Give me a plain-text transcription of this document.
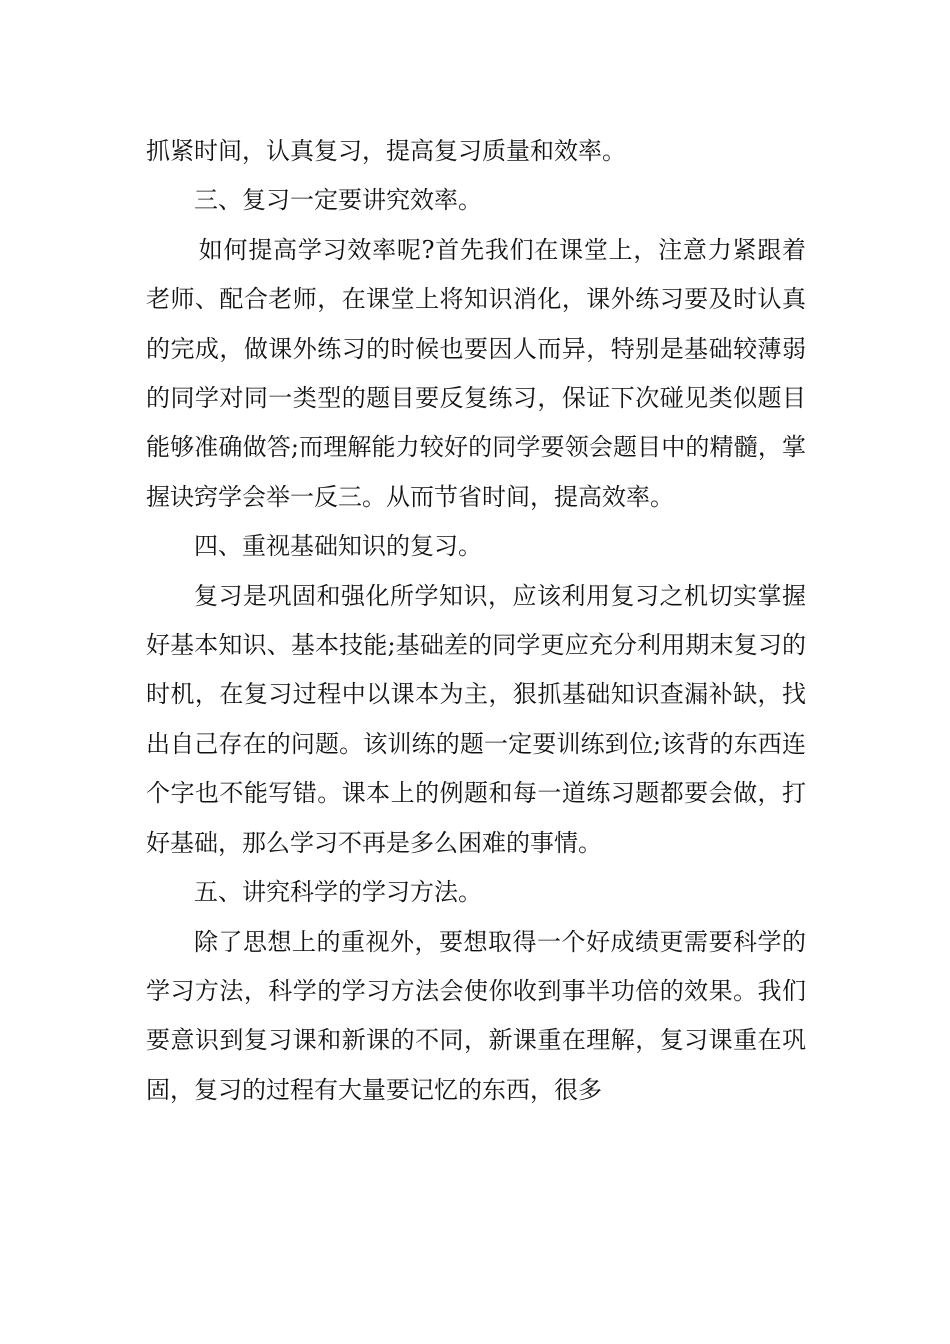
抓紧时间，认真复习，提高复习质量和效率。

三、复习一定要讲究效率。

如何提高学习效率呢?首先我们在课堂上，注意力紧跟着老师、配合老师，在课堂上将知识消化，课外练习要及时认真的完成，做课外练习的时候也要因人而异，特别是基础较薄弱的同学对同一类型的题目要反复练习，保证下次碰见类似题目能够准确做答;而理解能力较好的同学要领会题目中的精髓，掌握诀窍学会举一反三。从而节省时间，提高效率。

四、重视基础知识的复习。

复习是巩固和强化所学知识，应该利用复习之机切实掌握好基本知识、基本技能;基础差的同学更应充分利用期末复习的时机，在复习过程中以课本为主，狠抓基础知识查漏补缺，找出自己存在的问题。该训练的题一定要训练到位;该背的东西连个字也不能写错。课本上的例题和每一道练习题都要会做，打好基础，那么学习不再是多么困难的事情。

五、讲究科学的学习方法。

除了思想上的重视外，要想取得一个好成绩更需要科学的学习方法，科学的学习方法会使你收到事半功倍的效果。我们要意识到复习课和新课的不同，新课重在理解，复习课重在巩固，复习的过程有大量要记忆的东西，很多
